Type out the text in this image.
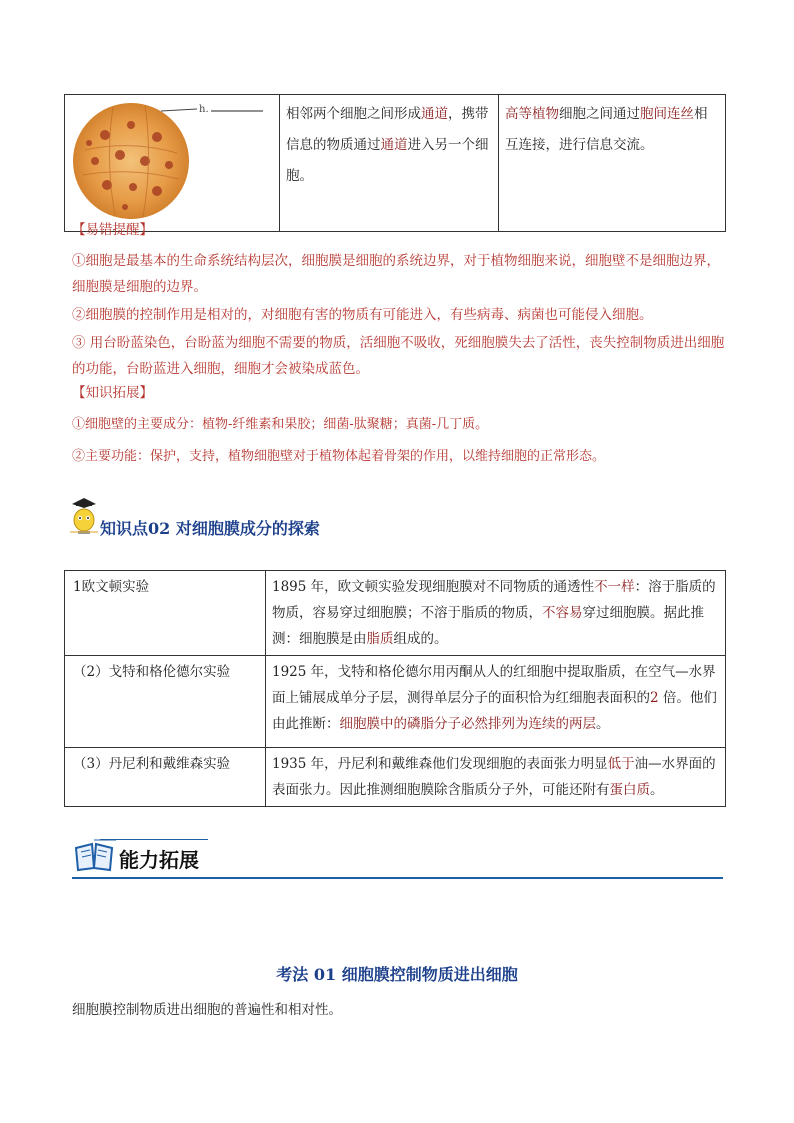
h.	相邻两个细胞之间形成通道，携带信息的物质通过通道进入另一个细胞。	高等植物细胞之间通过胞间连丝相互连接，进行信息交流。
【易错提醒】
①细胞是最基本的生命系统结构层次，细胞膜是细胞的系统边界，对于植物细胞来说，细胞壁不是细胞边界，细胞膜是细胞的边界。
②细胞膜的控制作用是相对的，对细胞有害的物质有可能进入，有些病毒、病菌也可能侵入细胞。
③ 用台盼蓝染色，台盼蓝为细胞不需要的物质，活细胞不吸收，死细胞膜失去了活性，丧失控制物质进出细胞的功能，台盼蓝进入细胞，细胞才会被染成蓝色。
【知识拓展】
①细胞壁的主要成分：植物-纤维素和果胶；细菌-肽聚糖；真菌-几丁质。
②主要功能：保护，支持，植物细胞壁对于植物体起着骨架的作用，以维持细胞的正常形态。
知识点02 对细胞膜成分的探索
1欧文顿实验	1895 年，欧文顿实验发现细胞膜对不同物质的通透性不一样：溶于脂质的物质，容易穿过细胞膜；不溶于脂质的物质，不容易穿过细胞膜。据此推测：细胞膜是由脂质组成的。
（2）戈特和格伦德尔实验	1925 年，戈特和格伦德尔用丙酮从人的红细胞中提取脂质，在空气—水界面上铺展成单分子层，测得单层分子的面积恰为红细胞表面积的2 倍。他们由此推断：细胞膜中的磷脂分子必然排列为连续的两层。
（3）丹尼利和戴维森实验	1935 年，丹尼利和戴维森他们发现细胞的表面张力明显低于油—水界面的表面张力。因此推测细胞膜除含脂质分子外，可能还附有蛋白质。
能力拓展
考法 01 细胞膜控制物质进出细胞
细胞膜控制物质进出细胞的普遍性和相对性。
